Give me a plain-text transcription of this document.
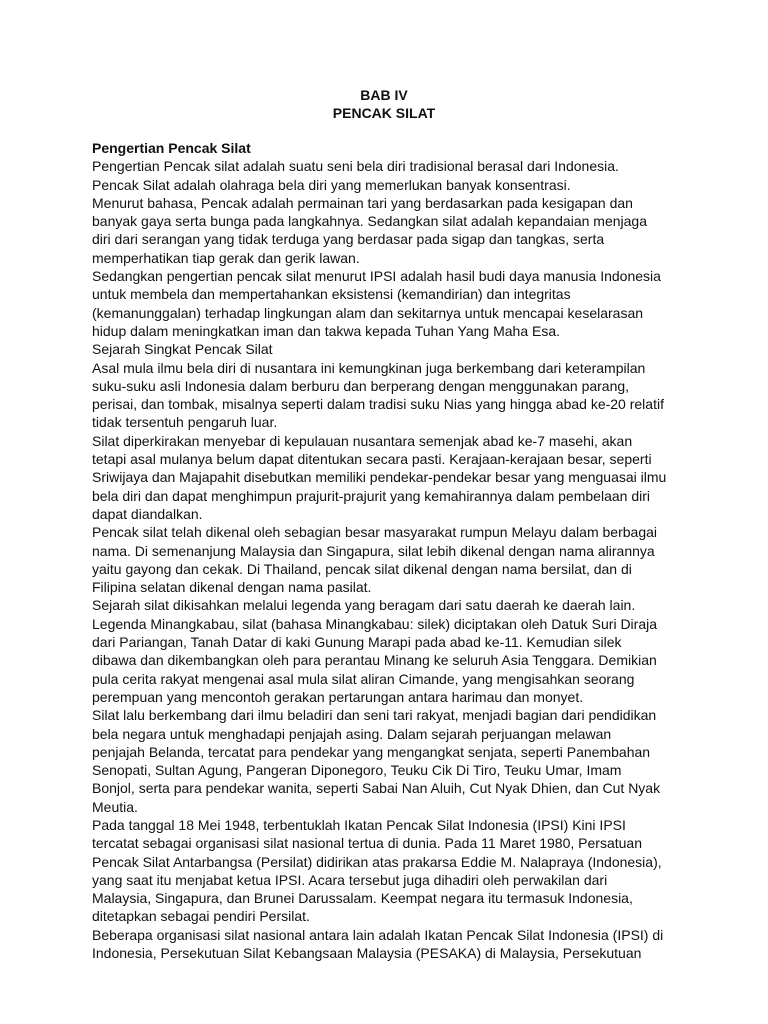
BAB IV
PENCAK SILAT

Pengertian Pencak Silat

Pengertian Pencak silat adalah suatu seni bela diri tradisional berasal dari Indonesia.

Pencak Silat adalah olahraga bela diri yang memerlukan banyak konsentrasi.

Menurut bahasa, Pencak adalah permainan tari yang berdasarkan pada kesigapan dan

banyak gaya serta bunga pada langkahnya. Sedangkan silat adalah kepandaian menjaga

diri dari serangan yang tidak terduga yang berdasar pada sigap dan tangkas, serta

memperhatikan tiap gerak dan gerik lawan.

Sedangkan pengertian pencak silat menurut IPSI adalah hasil budi daya manusia Indonesia

untuk membela dan mempertahankan eksistensi (kemandirian) dan integritas

(kemanunggalan) terhadap lingkungan alam dan sekitarnya untuk mencapai keselarasan

hidup dalam meningkatkan iman dan takwa kepada Tuhan Yang Maha Esa.

Sejarah Singkat Pencak Silat

Asal mula ilmu bela diri di nusantara ini kemungkinan juga berkembang dari keterampilan

suku-suku asli Indonesia dalam berburu dan berperang dengan menggunakan parang,

perisai, dan tombak, misalnya seperti dalam tradisi suku Nias yang hingga abad ke-20 relatif

tidak tersentuh pengaruh luar.

Silat diperkirakan menyebar di kepulauan nusantara semenjak abad ke-7 masehi, akan

tetapi asal mulanya belum dapat ditentukan secara pasti. Kerajaan-kerajaan besar, seperti

Sriwijaya dan Majapahit disebutkan memiliki pendekar-pendekar besar yang menguasai ilmu

bela diri dan dapat menghimpun prajurit-prajurit yang kemahirannya dalam pembelaan diri

dapat diandalkan.

Pencak silat telah dikenal oleh sebagian besar masyarakat rumpun Melayu dalam berbagai

nama. Di semenanjung Malaysia dan Singapura, silat lebih dikenal dengan nama alirannya

yaitu gayong dan cekak. Di Thailand, pencak silat dikenal dengan nama bersilat, dan di

Filipina selatan dikenal dengan nama pasilat.

Sejarah silat dikisahkan melalui legenda yang beragam dari satu daerah ke daerah lain.

Legenda Minangkabau, silat (bahasa Minangkabau: silek) diciptakan oleh Datuk Suri Diraja

dari Pariangan, Tanah Datar di kaki Gunung Marapi pada abad ke-11. Kemudian silek

dibawa dan dikembangkan oleh para perantau Minang ke seluruh Asia Tenggara. Demikian

pula cerita rakyat mengenai asal mula silat aliran Cimande, yang mengisahkan seorang

perempuan yang mencontoh gerakan pertarungan antara harimau dan monyet.

Silat lalu berkembang dari ilmu beladiri dan seni tari rakyat, menjadi bagian dari pendidikan

bela negara untuk menghadapi penjajah asing. Dalam sejarah perjuangan melawan

penjajah Belanda, tercatat para pendekar yang mengangkat senjata, seperti Panembahan

Senopati, Sultan Agung, Pangeran Diponegoro, Teuku Cik Di Tiro, Teuku Umar, Imam

Bonjol, serta para pendekar wanita, seperti Sabai Nan Aluih, Cut Nyak Dhien, dan Cut Nyak

Meutia.

Pada tanggal 18 Mei 1948, terbentuklah Ikatan Pencak Silat Indonesia (IPSI) Kini IPSI

tercatat sebagai organisasi silat nasional tertua di dunia. Pada 11 Maret 1980, Persatuan

Pencak Silat Antarbangsa (Persilat) didirikan atas prakarsa Eddie M. Nalapraya (Indonesia),

yang saat itu menjabat ketua IPSI. Acara tersebut juga dihadiri oleh perwakilan dari

Malaysia, Singapura, dan Brunei Darussalam. Keempat negara itu termasuk Indonesia,

ditetapkan sebagai pendiri Persilat.

Beberapa organisasi silat nasional antara lain adalah Ikatan Pencak Silat Indonesia (IPSI) di

Indonesia, Persekutuan Silat Kebangsaan Malaysia (PESAKA) di Malaysia, Persekutuan
